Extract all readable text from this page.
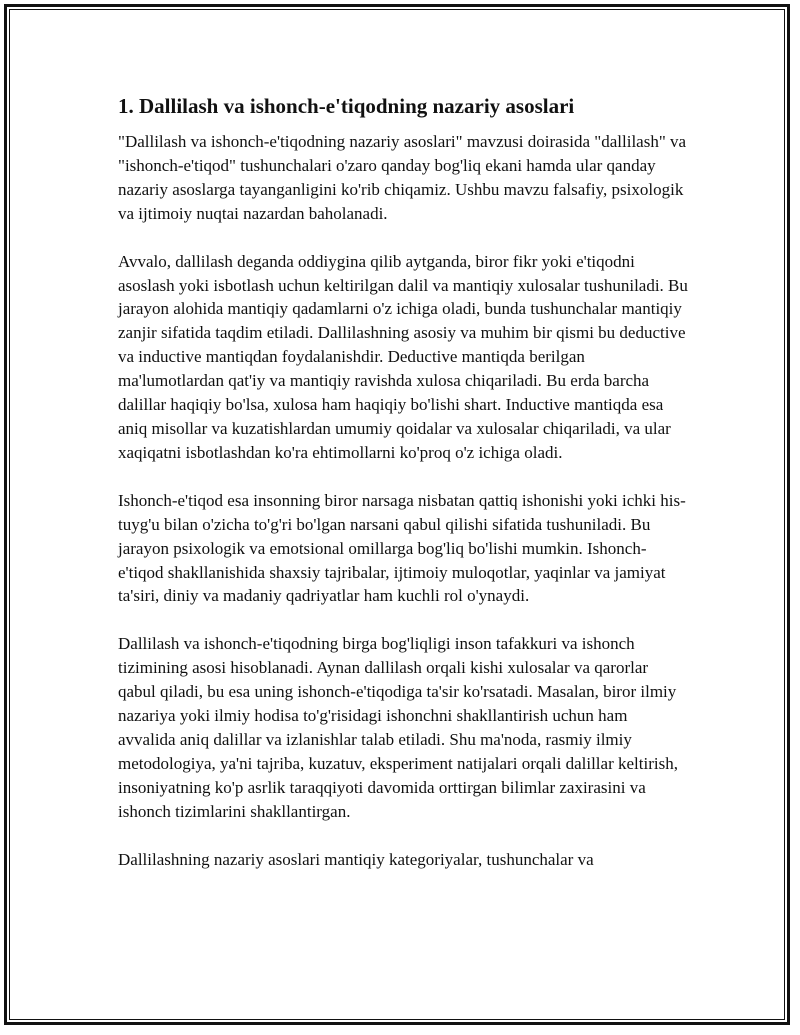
1. Dallilash va ishonch-e'tiqodning nazariy asoslari

"Dallilash va ishonch-e'tiqodning nazariy asoslari" mavzusi doirasida "dallilash" va "ishonch-e'tiqod" tushunchalari o'zaro qanday bog'liq ekani hamda ular qanday nazariy asoslarga tayanganligini ko'rib chiqamiz. Ushbu mavzu falsafiy, psixologik va ijtimoiy nuqtai nazardan baholanadi.

Avvalo, dallilash deganda oddiygina qilib aytganda, biror fikr yoki e'tiqodni asoslash yoki isbotlash uchun keltirilgan dalil va mantiqiy xulosalar tushuniladi. Bu jarayon alohida mantiqiy qadamlarni o'z ichiga oladi, bunda tushunchalar mantiqiy zanjir sifatida taqdim etiladi. Dallilashning asosiy va muhim bir qismi bu deductive va inductive mantiqdan foydalanishdir. Deductive mantiqda berilgan ma'lumotlardan qat'iy va mantiqiy ravishda xulosa chiqariladi. Bu erda barcha dalillar haqiqiy bo'lsa, xulosa ham haqiqiy bo'lishi shart. Inductive mantiqda esa aniq misollar va kuzatishlardan umumiy qoidalar va xulosalar chiqariladi, va ular xaqiqatni isbotlashdan ko'ra ehtimollarni ko'proq o'z ichiga oladi.

Ishonch-e'tiqod esa insonning biror narsaga nisbatan qattiq ishonishi yoki ichki his-tuyg'u bilan o'zicha to'g'ri bo'lgan narsani qabul qilishi sifatida tushuniladi. Bu jarayon psixologik va emotsional omillarga bog'liq bo'lishi mumkin. Ishonch-e'tiqod shakllanishida shaxsiy tajribalar, ijtimoiy muloqotlar, yaqinlar va jamiyat ta'siri, diniy va madaniy qadriyatlar ham kuchli rol o'ynaydi.

Dallilash va ishonch-e'tiqodning birga bog'liqligi inson tafakkuri va ishonch tizimining asosi hisoblanadi. Aynan dallilash orqali kishi xulosalar va qarorlar qabul qiladi, bu esa uning ishonch-e'tiqodiga ta'sir ko'rsatadi. Masalan, biror ilmiy nazariya yoki ilmiy hodisa to'g'risidagi ishonchni shakllantirish uchun ham avvalida aniq dalillar va izlanishlar talab etiladi. Shu ma'noda, rasmiy ilmiy metodologiya, ya'ni tajriba, kuzatuv, eksperiment natijalari orqali dalillar keltirish, insoniyatning ko'p asrlik taraqqiyoti davomida orttirgan bilimlar zaxirasini va ishonch tizimlarini shakllantirgan.

Dallilashning nazariy asoslari mantiqiy kategoriyalar, tushunchalar va
